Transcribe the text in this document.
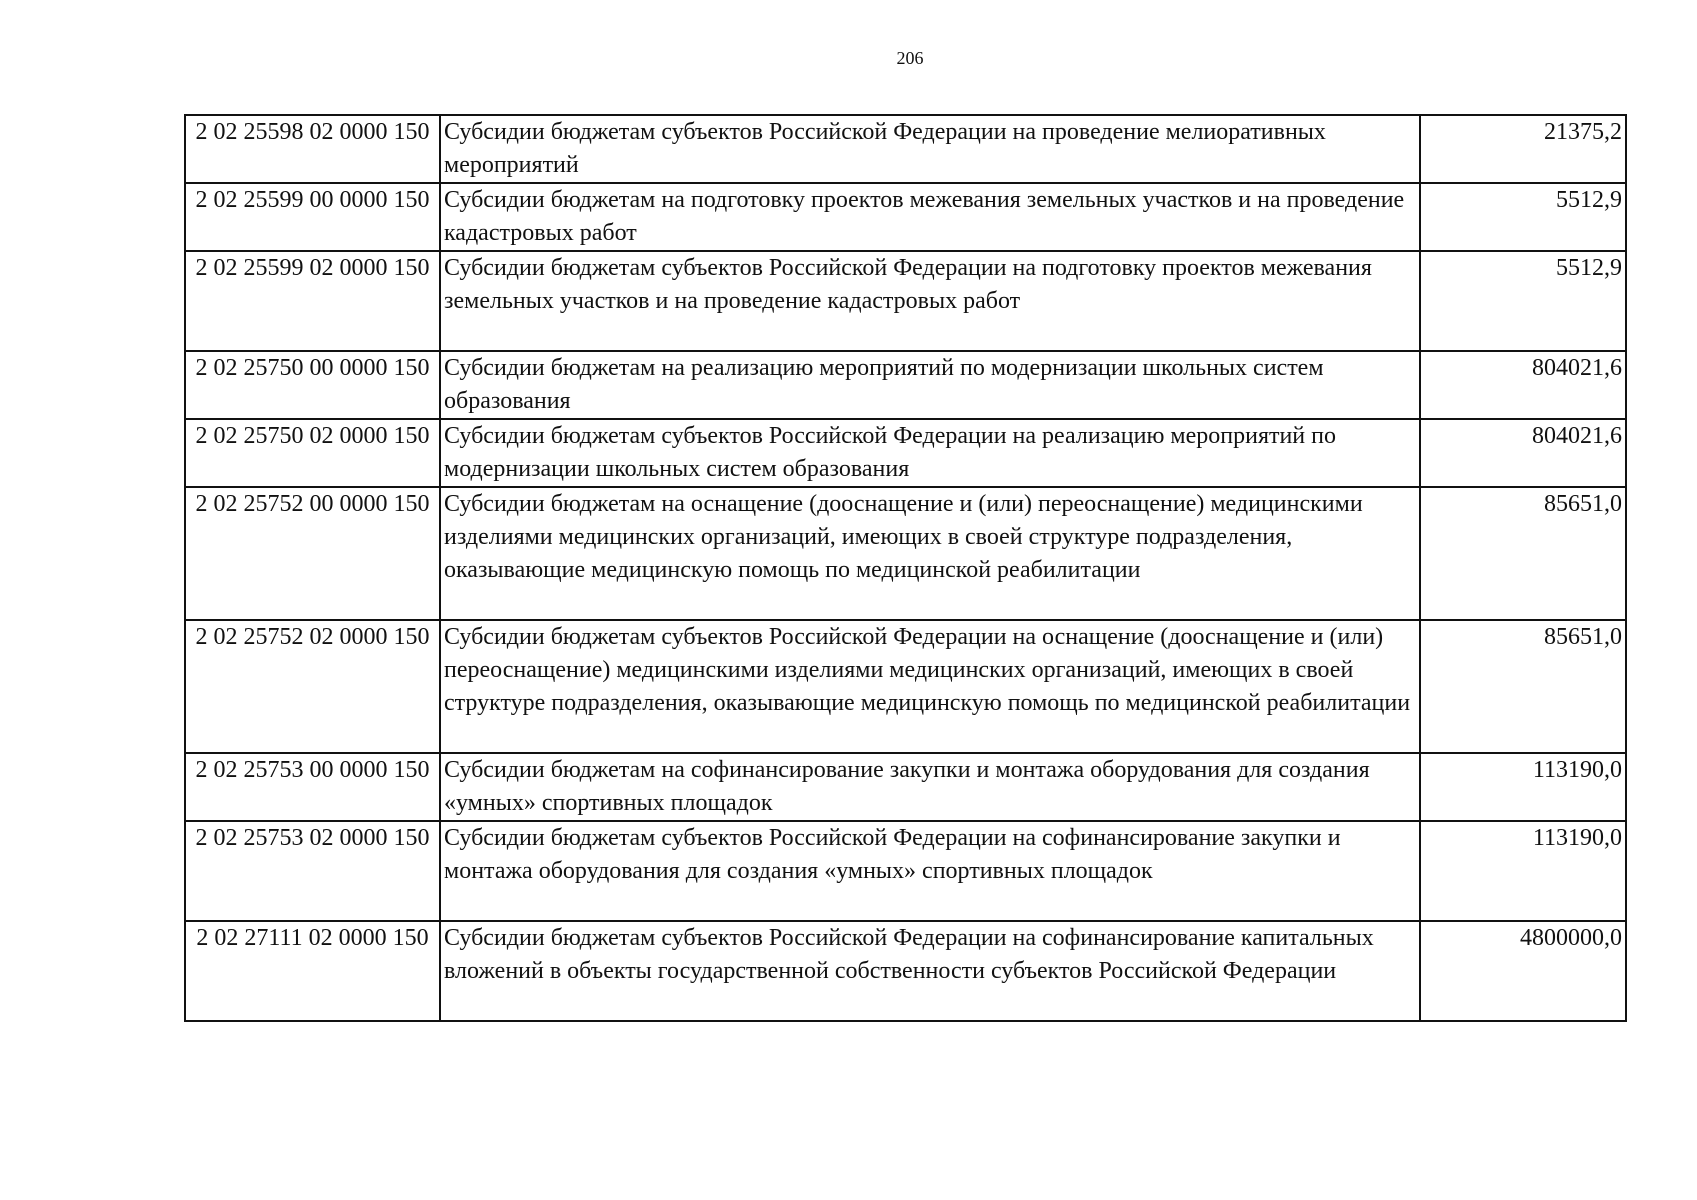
206
2 02 25598 02 0000 150	Субсидии бюджетам субъектов Российской Федерации на проведение мелиоративных мероприятий	21375,2
2 02 25599 00 0000 150	Субсидии бюджетам на подготовку проектов межевания земельных участков и на проведение кадастровых работ	5512,9
2 02 25599 02 0000 150	Субсидии бюджетам субъектов Российской Федерации на подготовку проектов межевания земельных участков и на проведение кадастровых работ	5512,9
2 02 25750 00 0000 150	Субсидии бюджетам на реализацию мероприятий по модернизации школьных систем образования	804021,6
2 02 25750 02 0000 150	Субсидии бюджетам субъектов Российской Федерации на реализацию мероприятий по модернизации школьных систем образования	804021,6
2 02 25752 00 0000 150	Субсидии бюджетам на оснащение (дооснащение и (или) переоснащение) медицинскими изделиями медицинских организаций, имеющих в своей структуре подразделения, оказывающие медицинскую помощь по медицинской реабилитации	85651,0
2 02 25752 02 0000 150	Субсидии бюджетам субъектов Российской Федерации на оснащение (дооснащение и (или) переоснащение) медицинскими изделиями медицинских организаций, имеющих в своей структуре подразделения, оказывающие медицинскую помощь по медицинской реабилитации	85651,0
2 02 25753 00 0000 150	Субсидии бюджетам на софинансирование закупки и монтажа оборудования для создания «умных» спортивных площадок	113190,0
2 02 25753 02 0000 150	Субсидии бюджетам субъектов Российской Федерации на софинансирование закупки и монтажа оборудования для создания «умных» спортивных площадок	113190,0
2 02 27111 02 0000 150	Субсидии бюджетам субъектов Российской Федерации на софинансирование капитальных вложений в объекты государственной собственности субъектов Российской Федерации	4800000,0
